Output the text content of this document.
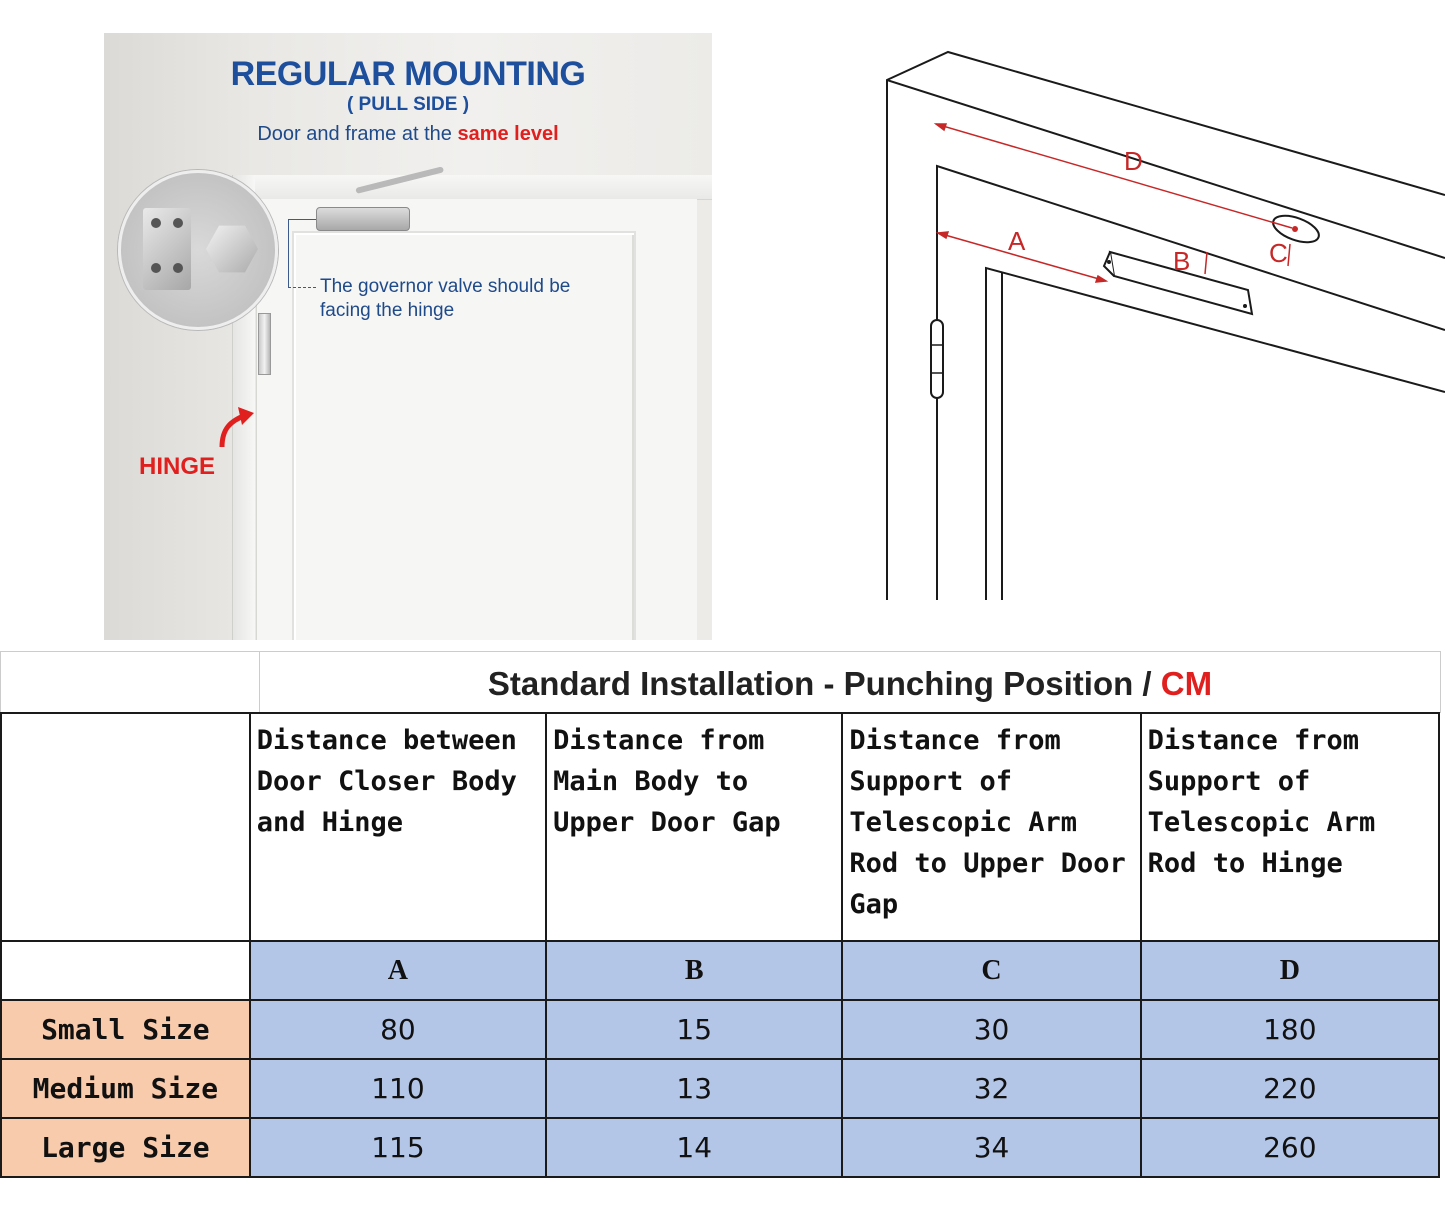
REGULAR MOUNTING
( PULL SIDE )
Door and frame at the same level
The governor valve should be facing the hinge
HINGE
D
A
B	C
Standard Installation - Punching Position / CM

	Distance between Door Closer Body and Hinge	Distance from Main Body to Upper Door Gap	Distance from Support of Telescopic Arm Rod to Upper Door Gap	Distance from Support of Telescopic Arm Rod to Hinge

	A	B	C	D
Small Size	80	15	30	180
Medium Size	110	13	32	220
Large Size	115	14	34	260
